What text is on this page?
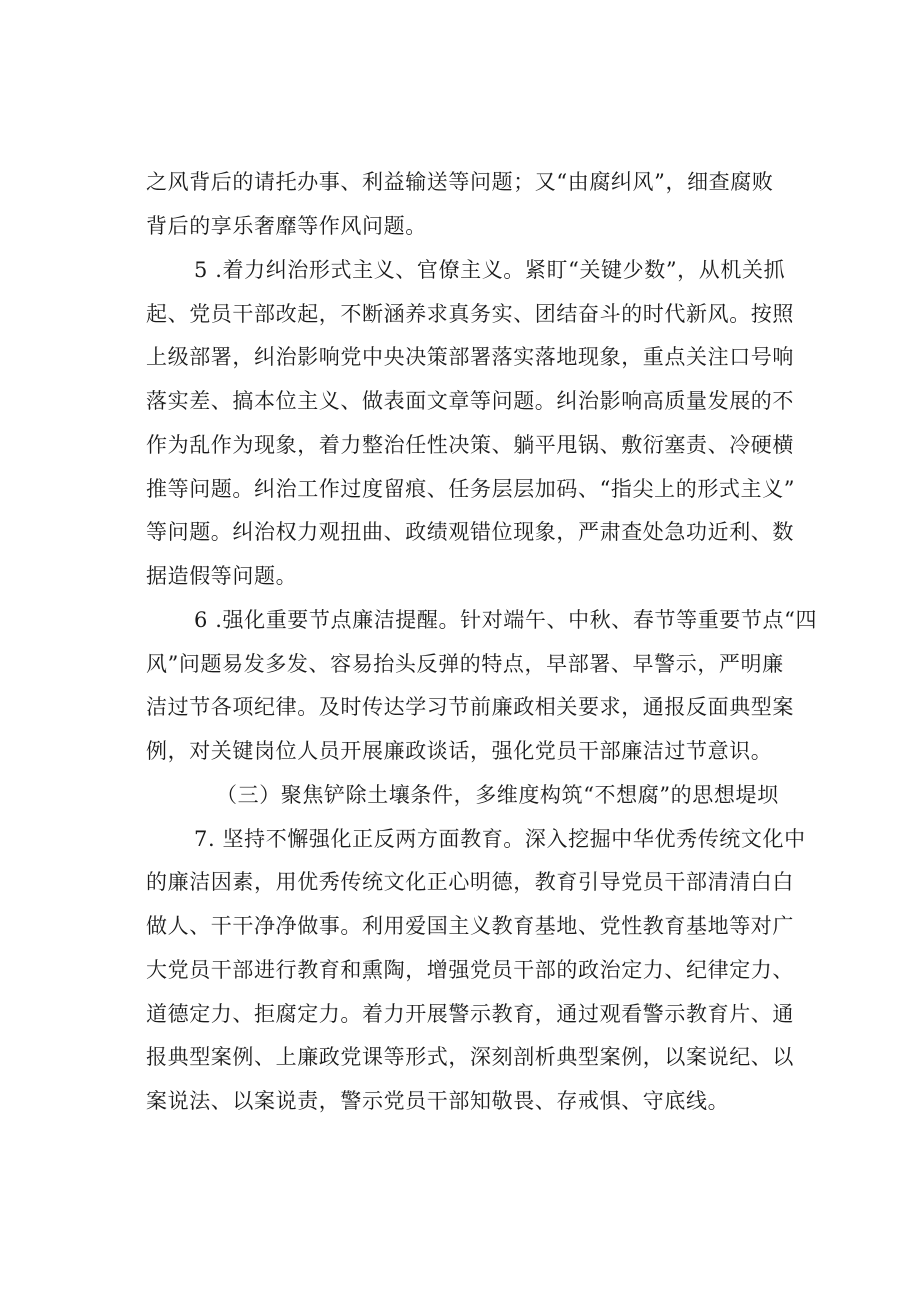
之风背后的请托办事、利益输送等问题；又“由腐纠风”，细查腐败
背后的享乐奢靡等作风问题。
5 .着力纠治形式主义、官僚主义。紧盯“关键少数”，从机关抓
起、党员干部改起，不断涵养求真务实、团结奋斗的时代新风。按照
上级部署，纠治影响党中央决策部署落实落地现象，重点关注口号响
落实差、搞本位主义、做表面文章等问题。纠治影响高质量发展的不
作为乱作为现象，着力整治任性决策、躺平甩锅、敷衍塞责、冷硬横
推等问题。纠治工作过度留痕、任务层层加码、“指尖上的形式主义”
等问题。纠治权力观扭曲、政绩观错位现象，严肃查处急功近利、数
据造假等问题。
6 .强化重要节点廉洁提醒。针对端午、中秋、春节等重要节点“四
风”问题易发多发、容易抬头反弹的特点，早部署、早警示，严明廉
洁过节各项纪律。及时传达学习节前廉政相关要求，通报反面典型案
例，对关键岗位人员开展廉政谈话，强化党员干部廉洁过节意识。
（三）聚焦铲除土壤条件，多维度构筑“不想腐”的思想堤坝
7. 坚持不懈强化正反两方面教育。深入挖掘中华优秀传统文化中
的廉洁因素，用优秀传统文化正心明德，教育引导党员干部清清白白
做人、干干净净做事。利用爱国主义教育基地、党性教育基地等对广
大党员干部进行教育和熏陶，增强党员干部的政治定力、纪律定力、
道德定力、拒腐定力。着力开展警示教育，通过观看警示教育片、通
报典型案例、上廉政党课等形式，深刻剖析典型案例，以案说纪、以
案说法、以案说责，警示党员干部知敬畏、存戒惧、守底线。
